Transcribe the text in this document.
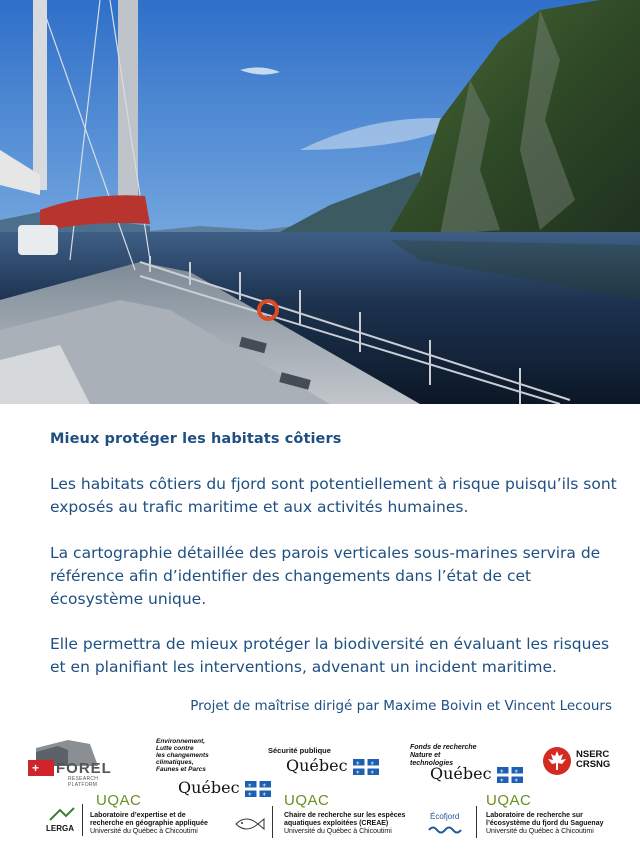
Mieux protéger les habitats côtiers

Les habitats côtiers du fjord sont potentiellement à risque puisqu’ils sont exposés au trafic maritime et aux activités humaines.

La cartographie détaillée des parois verticales sous-marines servira de référence afin d’identifier des changements dans l’état de cet écosystème unique.

Elle permettra de mieux protéger la biodiversité en évaluant les risques et en planifiant les interventions, advenant un incident maritime.

Projet de maîtrise dirigé par Maxime Boivin et Vincent Lecours
+ FOREL
RESEARCH PLATFORM
Environnement,
Lutte contre
les changements
climatiques,
Faunes et Parcs
Québec ⚜ ⚜
⚜ ⚜
Sécurité publique
Québec ⚜ ⚜
⚜ ⚜
Fonds de recherche
Nature et
technologies
Québec ⚜ ⚜
⚜ ⚜
NSERC
CRSNG
LERGA
UQAC
Laboratoire d’expertise et de
recherche en géographie appliquée
Université du Québec à Chicoutimi
UQAC
Chaire de recherche sur les espèces
aquatiques exploitées (CREAE)
Université du Québec à Chicoutimi
Écofjord
UQAC
Laboratoire de recherche sur
l’écosystème du fjord du Saguenay
Université du Québec à Chicoutimi
